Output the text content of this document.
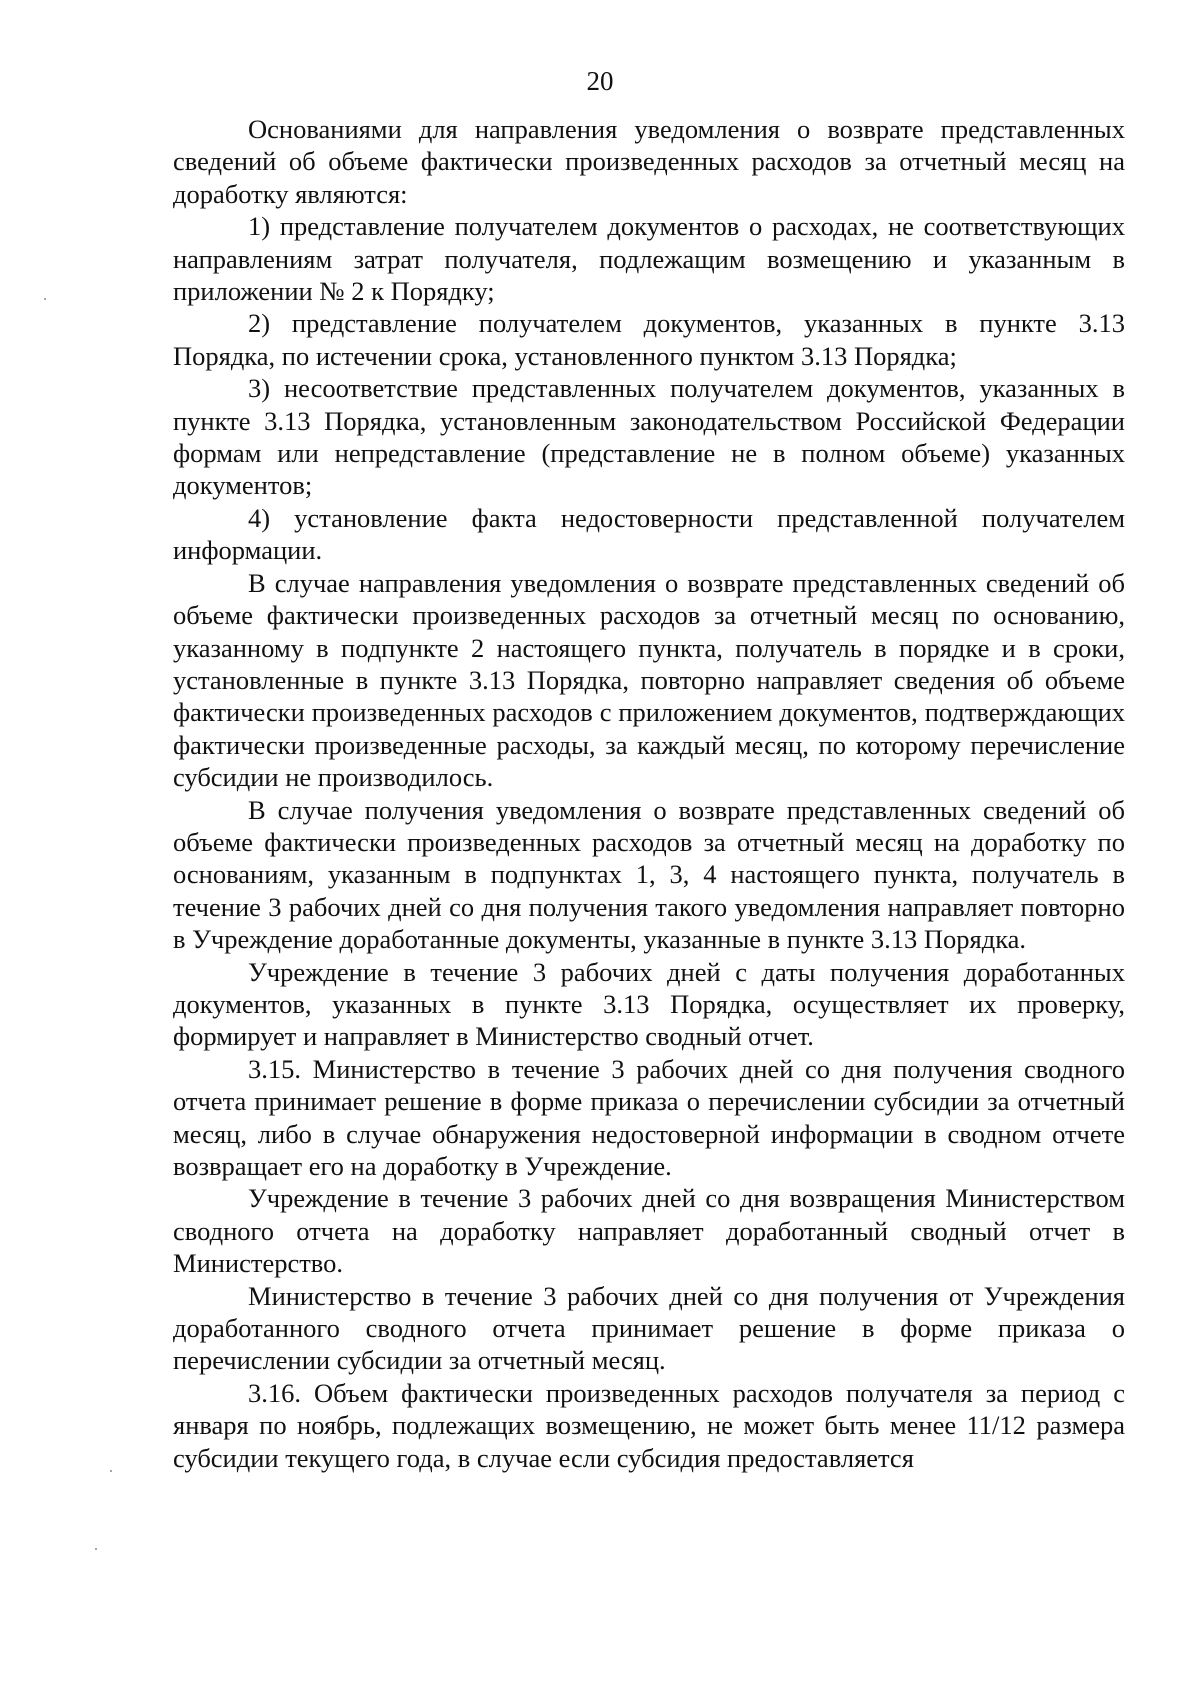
20

Основаниями для направления уведомления о возврате представленных сведений об объеме фактически произведенных расходов за отчетный месяц на доработку являются:

1) представление получателем документов о расходах, не соответствующих направлениям затрат получателя, подлежащим возмещению и указанным в приложении № 2 к Порядку;

2) представление получателем документов, указанных в пункте 3.13 Порядка, по истечении срока, установленного пунктом 3.13 Порядка;

3) несоответствие представленных получателем документов, указанных в пункте 3.13 Порядка, установленным законодательством Российской Федерации формам или непредставление (представление не в полном объеме) указанных документов;

4) установление факта недостоверности представленной получателем информации.

В случае направления уведомления о возврате представленных сведений об объеме фактически произведенных расходов за отчетный месяц по основанию, указанному в подпункте 2 настоящего пункта, получатель в порядке и в сроки, установленные в пункте 3.13 Порядка, повторно направляет сведения об объеме фактически произведенных расходов с приложением документов, подтверждающих фактически произведенные расходы, за каждый месяц, по которому перечисление субсидии не производилось.

В случае получения уведомления о возврате представленных сведений об объеме фактически произведенных расходов за отчетный месяц на доработку по основаниям, указанным в подпунктах 1, 3, 4 настоящего пункта, получатель в течение 3 рабочих дней со дня получения такого уведомления направляет повторно в Учреждение доработанные документы, указанные в пункте 3.13 Порядка.

Учреждение в течение 3 рабочих дней с даты получения доработанных документов, указанных в пункте 3.13 Порядка, осуществляет их проверку, формирует и направляет в Министерство сводный отчет.

3.15. Министерство в течение 3 рабочих дней со дня получения сводного отчета принимает решение в форме приказа о перечислении субсидии за отчетный месяц, либо в случае обнаружения недостоверной информации в сводном отчете возвращает его на доработку в Учреждение.

Учреждение в течение 3 рабочих дней со дня возвращения Министерством сводного отчета на доработку направляет доработанный сводный отчет в Министерство.

Министерство в течение 3 рабочих дней со дня получения от Учреждения доработанного сводного отчета принимает решение в форме приказа о перечислении субсидии за отчетный месяц.

3.16. Объем фактически произведенных расходов получателя за период с января по ноябрь, подлежащих возмещению, не может быть менее 11/12 размера субсидии текущего года, в случае если субсидия предоставляется
